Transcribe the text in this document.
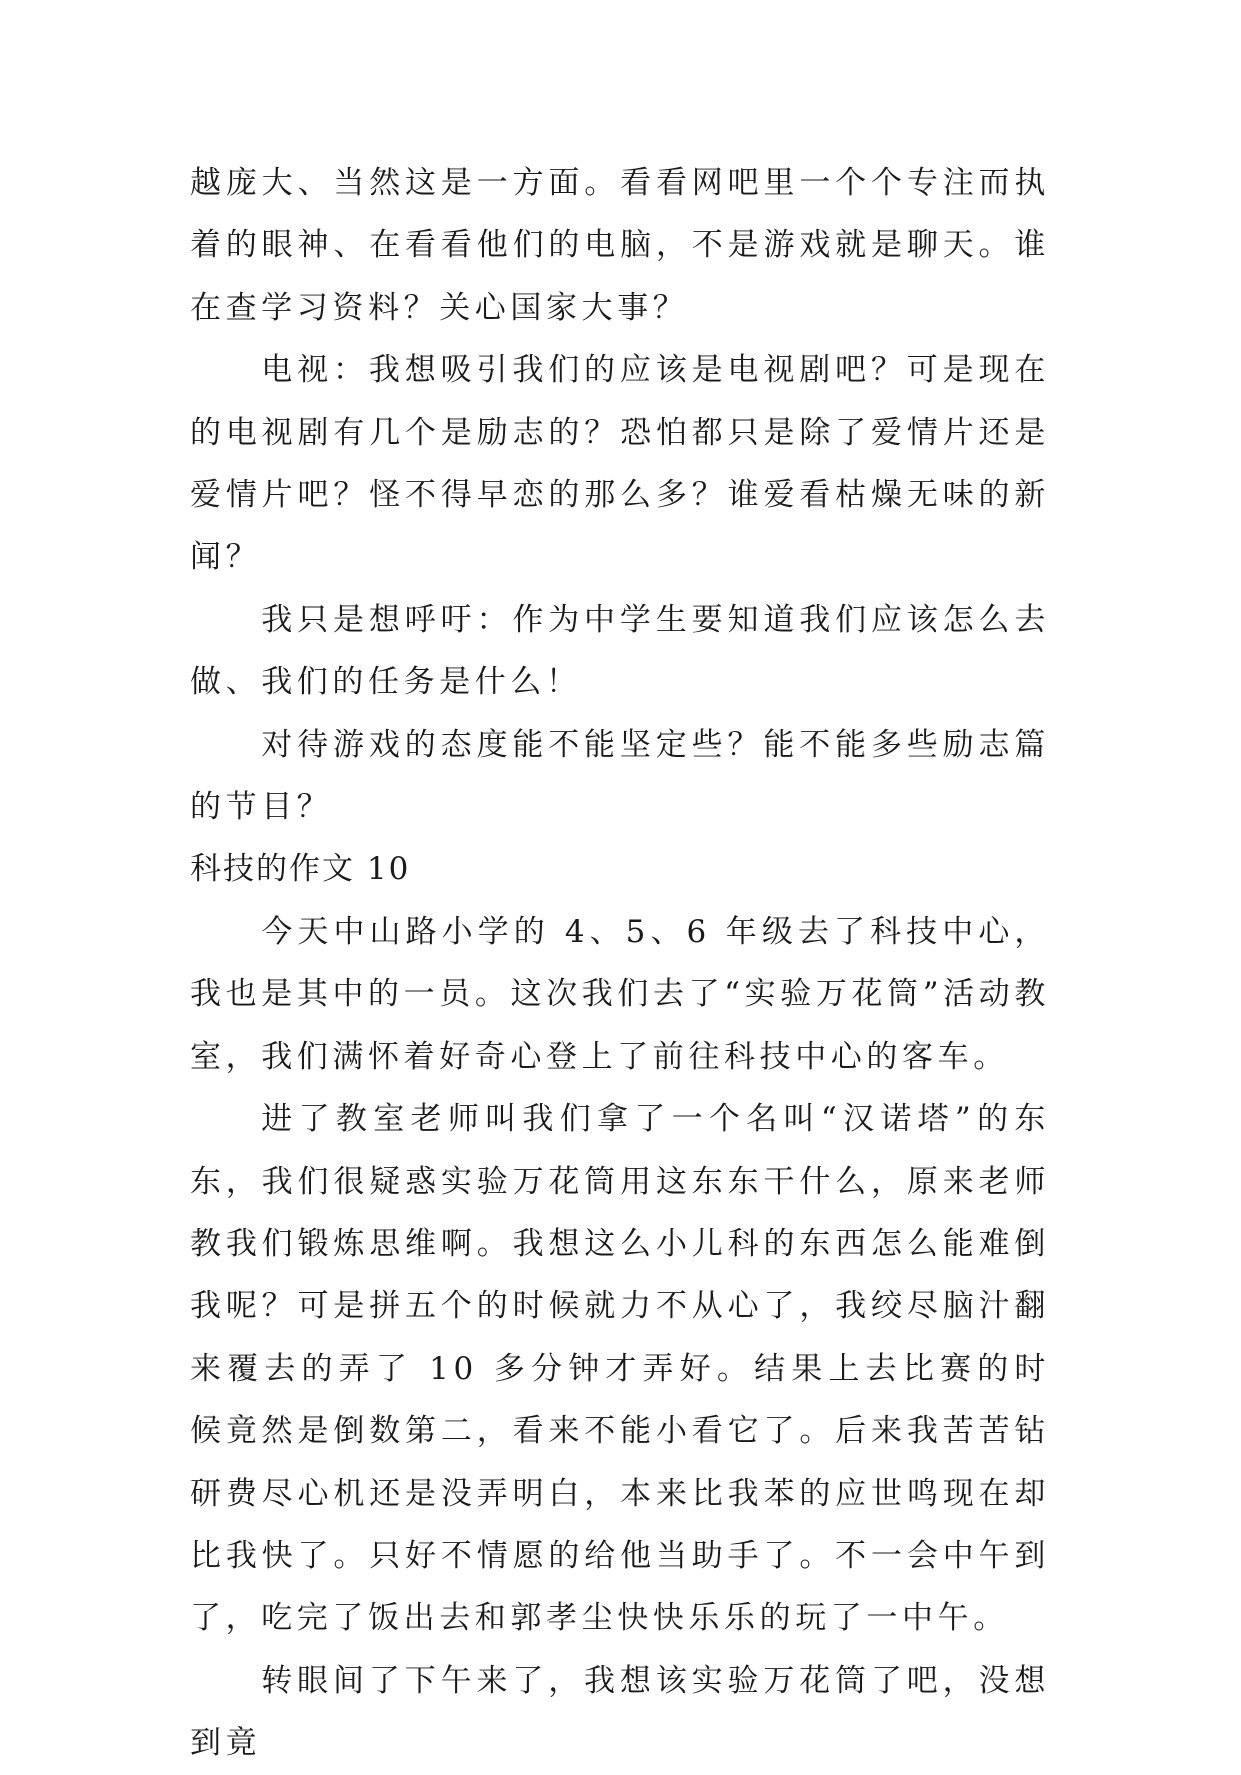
越庞大、当然这是一方面。看看网吧里一个个专注而执着的眼神、在看看他们的电脑，不是游戏就是聊天。谁在查学习资料？关心国家大事？

电视：我想吸引我们的应该是电视剧吧？可是现在的电视剧有几个是励志的？恐怕都只是除了爱情片还是爱情片吧？怪不得早恋的那么多？谁爱看枯燥无味的新闻？

我只是想呼吁：作为中学生要知道我们应该怎么去做、我们的任务是什么！

对待游戏的态度能不能坚定些？能不能多些励志篇的节目？

科技的作文 10

今天中山路小学的 4、5、6 年级去了科技中心，我也是其中的一员。这次我们去了“实验万花筒”活动教室，我们满怀着好奇心登上了前往科技中心的客车。

进了教室老师叫我们拿了一个名叫“汉诺塔”的东东，我们很疑惑实验万花筒用这东东干什么，原来老师教我们锻炼思维啊。我想这么小儿科的东西怎么能难倒我呢？可是拼五个的时候就力不从心了，我绞尽脑汁翻来覆去的弄了 10 多分钟才弄好。结果上去比赛的时候竟然是倒数第二，看来不能小看它了。后来我苦苦钻研费尽心机还是没弄明白，本来比我苯的应世鸣现在却比我快了。只好不情愿的给他当助手了。不一会中午到了，吃完了饭出去和郭孝尘快快乐乐的玩了一中午。

转眼间了下午来了，我想该实验万花筒了吧，没想到竟
